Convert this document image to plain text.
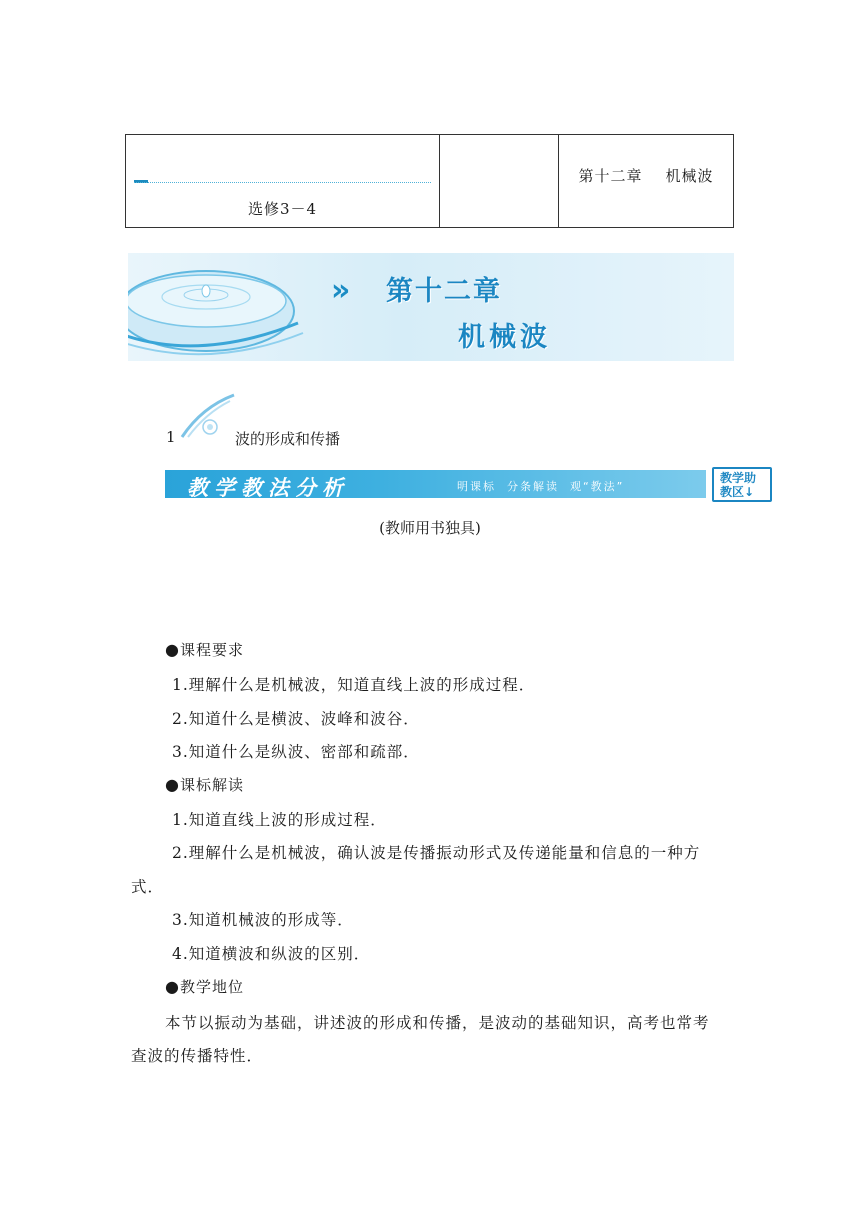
选修3－4
第十二章    机械波
» 第十二章
机械波
1	波的形成和传播
教学教法分析	明课标  分条解读  观“教法”
教学助
教区↓
(教师用书独具)
●课程要求
1.理解什么是机械波，知道直线上波的形成过程．
2.知道什么是横波、波峰和波谷．
3.知道什么是纵波、密部和疏部．
●课标解读
1.知道直线上波的形成过程．
2.理解什么是机械波，确认波是传播振动形式及传递能量和信息的一种方
式．
3.知道机械波的形成等．
4.知道横波和纵波的区别．
●教学地位
本节以振动为基础，讲述波的形成和传播，是波动的基础知识，高考也常考
查波的传播特性．
